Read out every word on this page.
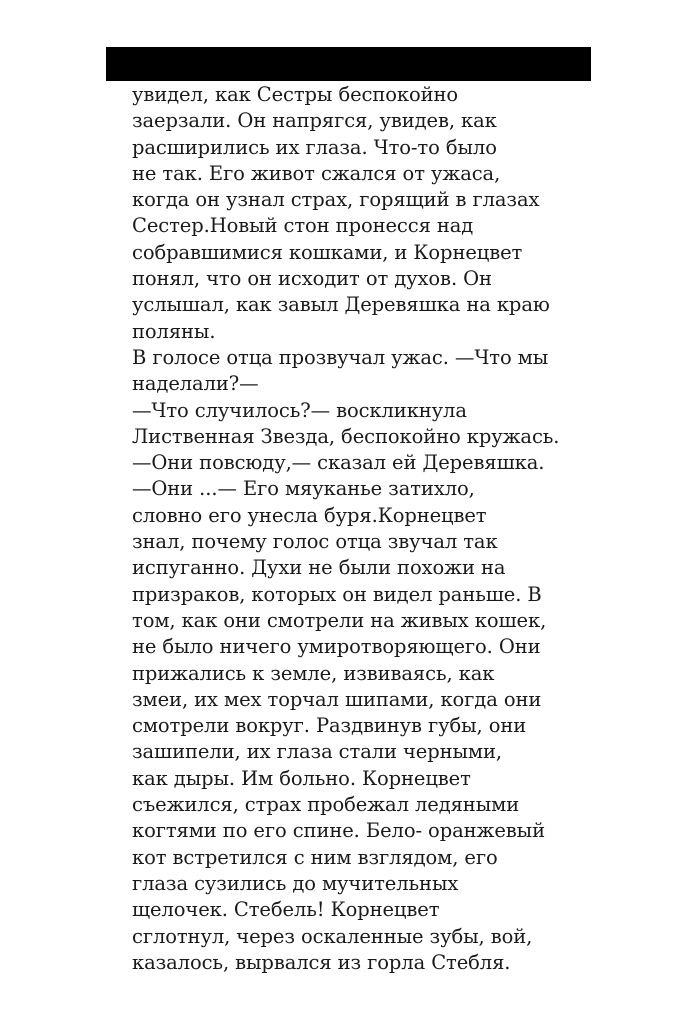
увидел, как Сестры беспокойно
заерзали. Он напрягся, увидев, как
расширились их глаза. Что-то было
не так. Его живот сжался от ужаса,
когда он узнал страх, горящий в глазах
Сестер.Новый стон пронесся над
собравшимися кошками, и Корнецвет
понял, что он исходит от духов. Он
услышал, как завыл Деревяшка на краю
поляны.
В голосе отца прозвучал ужас. —Что мы
наделали?—
—Что случилось?— воскликнула
Лиственная Звезда, беспокойно кружась.
—Они повсюду,— сказал ей Деревяшка.
—Они ...— Его мяуканье затихло,
словно его унесла буря.Корнецвет
знал, почему голос отца звучал так
испуганно. Духи не были похожи на
призраков, которых он видел раньше. В
том, как они смотрели на живых кошек,
не было ничего умиротворяющего. Они
прижались к земле, извиваясь, как
змеи, их мех торчал шипами, когда они
смотрели вокруг. Раздвинув губы, они
зашипели, их глаза стали черными,
как дыры. Им больно. Корнецвет
съежился, страх пробежал ледяными
когтями по его спине. Бело- оранжевый
кот встретился с ним взглядом, его
глаза сузились до мучительных
щелочек. Стебель! Корнецвет
сглотнул, через оскаленные зубы, вой,
казалось, вырвался из горла Стебля.
